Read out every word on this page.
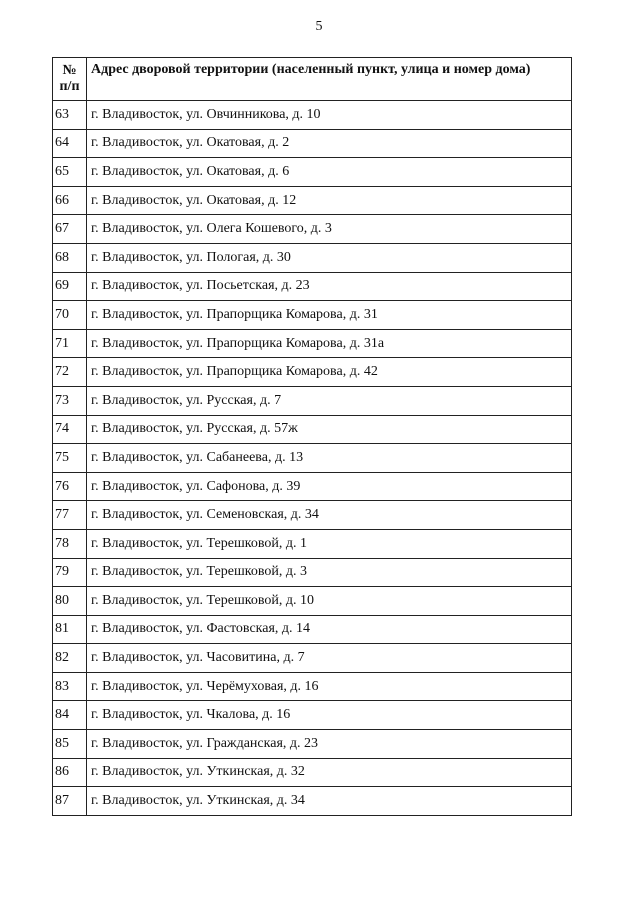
5
№
п/п	Адрес дворовой территории (населенный пункт, улица и номер дома)
63	г. Владивосток, ул. Овчинникова, д. 10
64	г. Владивосток, ул. Окатовая, д. 2
65	г. Владивосток, ул. Окатовая, д. 6
66	г. Владивосток, ул. Окатовая, д. 12
67	г. Владивосток, ул. Олега Кошевого, д. 3
68	г. Владивосток, ул. Пологая, д. 30
69	г. Владивосток, ул. Посьетская, д. 23
70	г. Владивосток, ул. Прапорщика Комарова, д. 31
71	г. Владивосток, ул. Прапорщика Комарова, д. 31а
72	г. Владивосток, ул. Прапорщика Комарова, д. 42
73	г. Владивосток, ул. Русская, д. 7
74	г. Владивосток, ул. Русская, д. 57ж
75	г. Владивосток, ул. Сабанеева, д. 13
76	г. Владивосток, ул. Сафонова, д. 39
77	г. Владивосток, ул. Семеновская, д. 34
78	г. Владивосток, ул. Терешковой, д. 1
79	г. Владивосток, ул. Терешковой, д. 3
80	г. Владивосток, ул. Терешковой, д. 10
81	г. Владивосток, ул. Фастовская, д. 14
82	г. Владивосток, ул. Часовитина, д. 7
83	г. Владивосток, ул. Черёмуховая, д. 16
84	г. Владивосток, ул. Чкалова, д. 16
85	г. Владивосток, ул. Гражданская, д. 23
86	г. Владивосток, ул. Уткинская, д. 32
87	г. Владивосток, ул. Уткинская, д. 34
